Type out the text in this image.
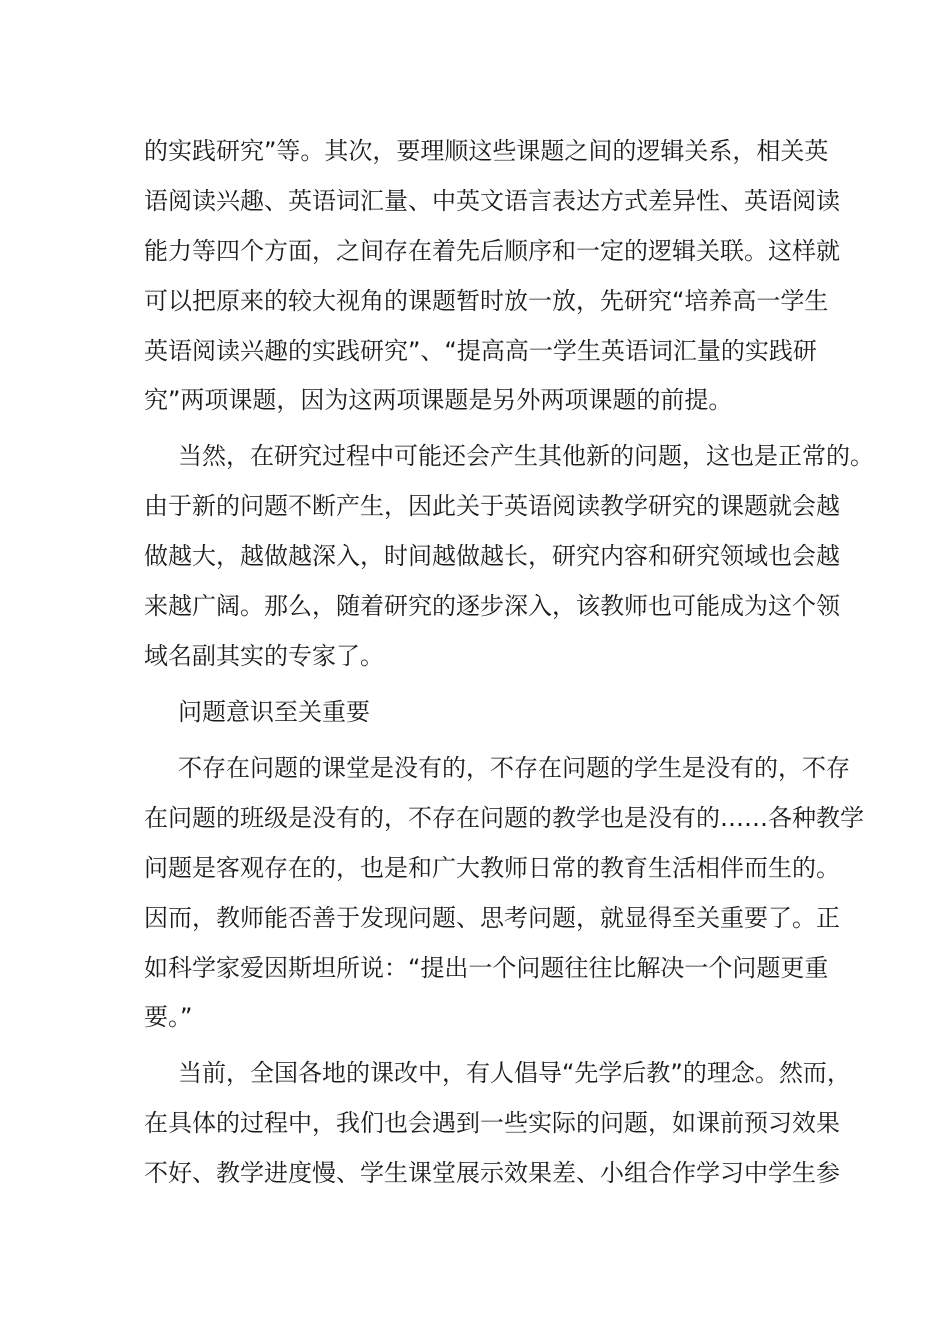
的实践研究”等。其次，要理顺这些课题之间的逻辑关系，相关英
语阅读兴趣、英语词汇量、中英文语言表达方式差异性、英语阅读
能力等四个方面，之间存在着先后顺序和一定的逻辑关联。这样就
可以把原来的较大视角的课题暂时放一放，先研究“培养高一学生
英语阅读兴趣的实践研究”、“提高高一学生英语词汇量的实践研
究”两项课题，因为这两项课题是另外两项课题的前提。
当然，在研究过程中可能还会产生其他新的问题，这也是正常的。
由于新的问题不断产生，因此关于英语阅读教学研究的课题就会越
做越大，越做越深入，时间越做越长，研究内容和研究领域也会越
来越广阔。那么，随着研究的逐步深入，该教师也可能成为这个领
域名副其实的专家了。
问题意识至关重要
不存在问题的课堂是没有的，不存在问题的学生是没有的，不存
在问题的班级是没有的，不存在问题的教学也是没有的……各种教学
问题是客观存在的，也是和广大教师日常的教育生活相伴而生的。
因而，教师能否善于发现问题、思考问题，就显得至关重要了。正
如科学家爱因斯坦所说：“提出一个问题往往比解决一个问题更重
要。”
当前，全国各地的课改中，有人倡导“先学后教”的理念。然而，
在具体的过程中，我们也会遇到一些实际的问题，如课前预习效果
不好、教学进度慢、学生课堂展示效果差、小组合作学习中学生参
